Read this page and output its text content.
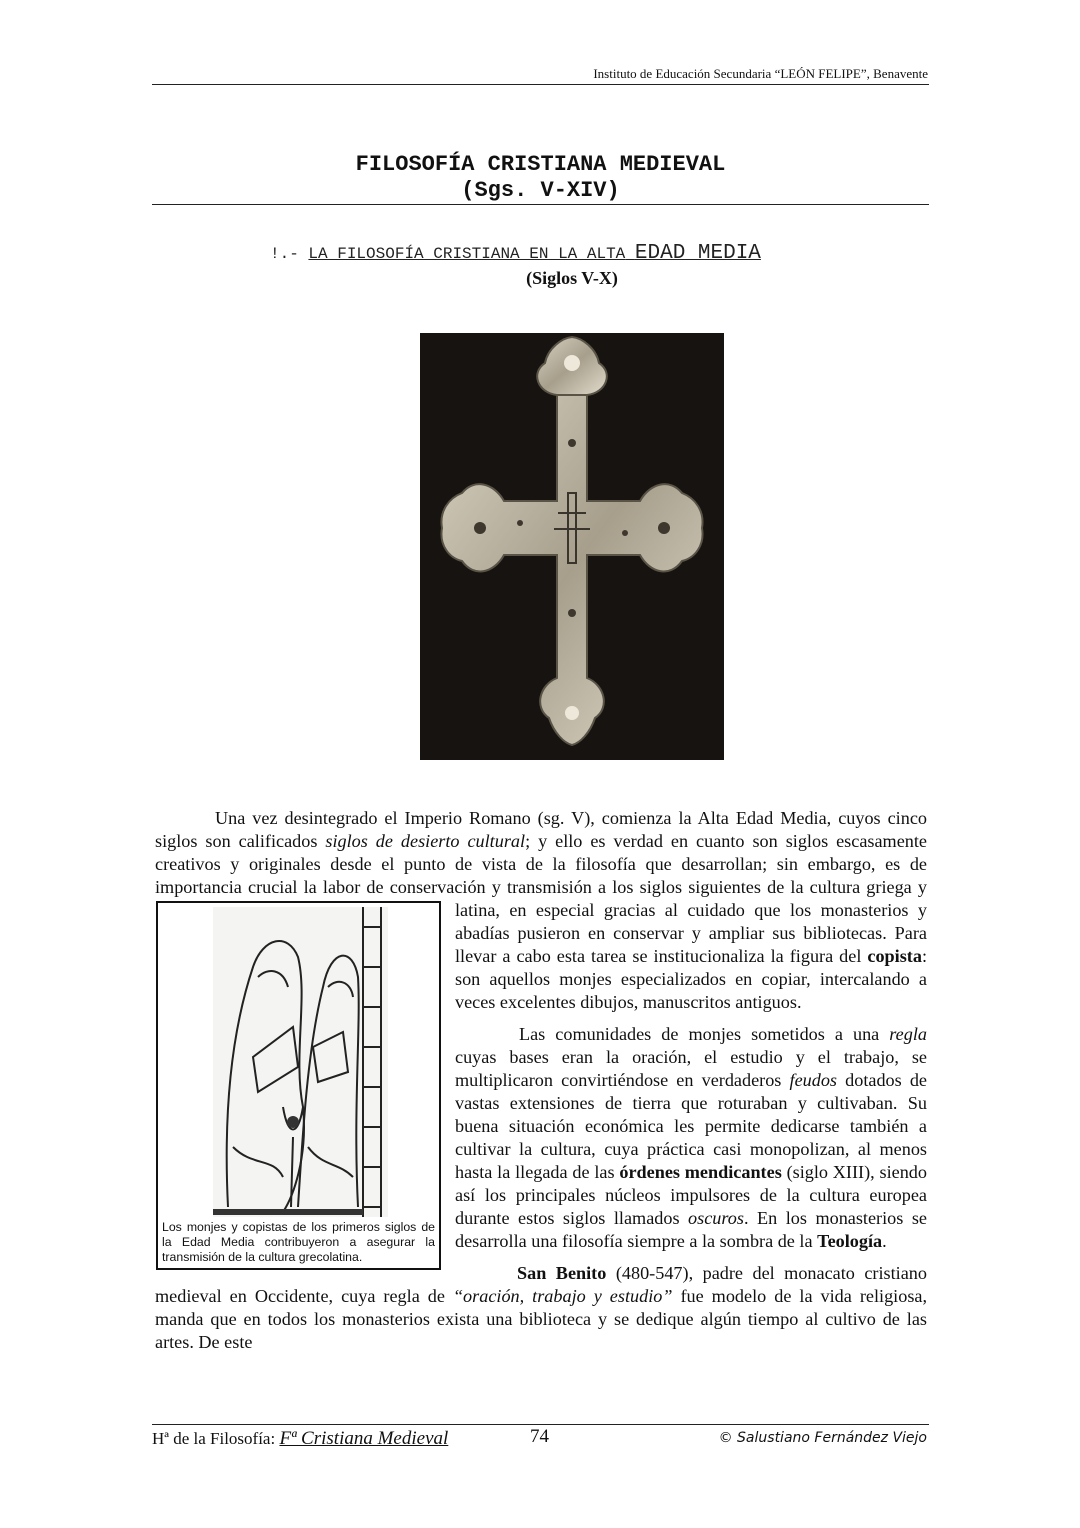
Instituto de Educación Secundaria “LEÓN FELIPE”, Benavente
FILOSOFÍA CRISTIANA MEDIEVAL
(Sgs. V-XIV)
!.- LA FILOSOFÍA CRISTIANA EN LA ALTA EDAD MEDIA
(Siglos V-X)
Los monjes y copistas de los primeros siglos de la Edad Media contribuyeron a asegurar la transmisión de la cultura grecolatina.

Una vez desintegrado el Imperio Romano (sg. V), comienza la Alta Edad Media, cuyos cinco siglos son calificados siglos de desierto cultural; y ello es verdad en cuanto son siglos escasamente creativos y originales desde el punto de vista de la filosofía que desarrollan; sin embargo, es de importancia crucial la labor de conservación y transmisión a los siglos siguientes de la cultura griega y latina, en especial gracias al cuidado que los monasterios y abadías pusieron en conservar y ampliar sus bibliotecas. Para llevar a cabo esta tarea se institucionaliza la figura del copista: son aquellos monjes especializados en copiar, intercalando a veces excelentes dibujos, manuscritos antiguos.

Las comunidades de monjes sometidos a una regla cuyas bases eran la oración, el estudio y el trabajo, se multiplicaron convirtiéndose en verdaderos feudos dotados de vastas extensiones de tierra que roturaban y cultivaban. Su buena situación económica les permite dedicarse también a cultivar la cultura, cuya práctica casi monopolizan, al menos hasta la llegada de las órdenes mendicantes (siglo XIII), siendo así los principales núcleos impulsores de la cultura europea durante estos siglos llamados oscuros. En los monasterios se desarrolla una filosofía siempre a la sombra de la Teología.

San Benito (480-547), padre del monacato cristiano medieval en Occidente, cuya regla de “oración, trabajo y estudio” fue modelo de la vida religiosa, manda que en todos los monasterios exista una biblioteca y se dedique algún tiempo al cultivo de las artes. De este

Hª de la Filosofía: Fª Cristiana Medieval	74	© Salustiano Fernández Viejo
